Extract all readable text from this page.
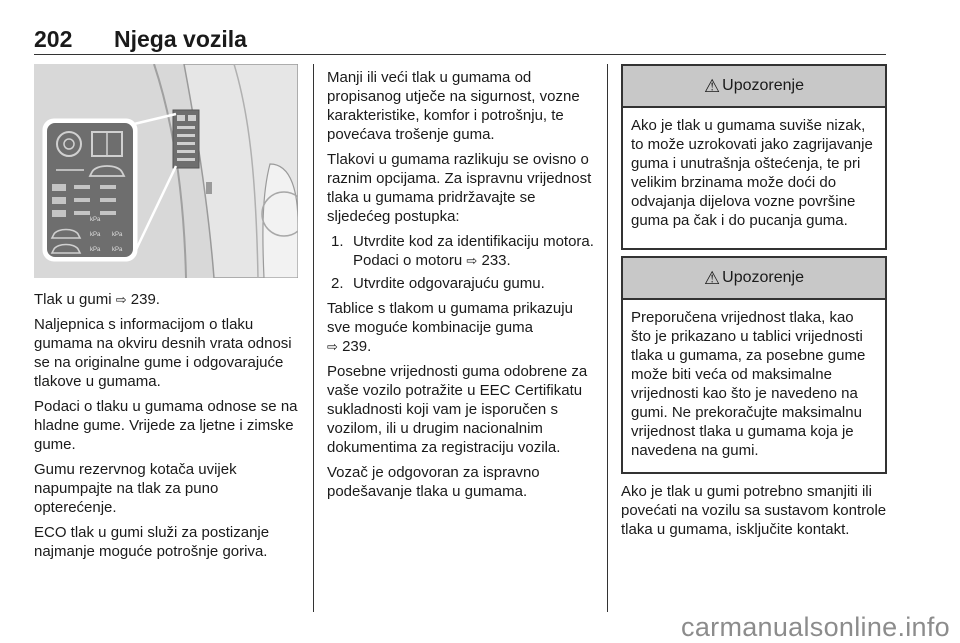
202 Njega vozila
kPa kPa
kPa kPa
kPa

Tlak u gumi ⇨ 239.

Naljepnica s informacijom o tlaku gumama na okviru desnih vrata odnosi se na originalne gume i odgovarajuće tlakove u gumama.

Podaci o tlaku u gumama odnose se na hladne gume. Vrijede za ljetne i zimske gume.

Gumu rezervnog kotača uvijek napumpajte na tlak za puno opterećenje.

ECO tlak u gumi služi za postizanje najmanje moguće potrošnje goriva.

Manji ili veći tlak u gumama od propisanog utječe na sigurnost, vozne karakteristike, komfor i potrošnju, te povećava trošenje guma.

Tlakovi u gumama razlikuju se ovisno o raznim opcijama. Za ispravnu vrijednost tlaka u gumama pridržavajte se sljedećeg postupka:

1. Utvrdite kod za identifikaciju motora. Podaci o motoru ⇨ 233.
2. Utvrdite odgovarajuću gumu.

Tablice s tlakom u gumama prikazuju sve moguće kombinacije guma
⇨ 239.

Posebne vrijednosti guma odobrene za vaše vozilo potražite u EEC Certifikatu sukladnosti koji vam je isporučen s vozilom, ili u drugim nacionalnim dokumentima za registraciju vozila.

Vozač je odgovoran za ispravno podešavanje tlaka u gumama.

⚠ Upozorenje
Ako je tlak u gumama suviše nizak, to može uzrokovati jako zagrijavanje guma i unutrašnja oštećenja, te pri velikim brzinama može doći do odvajanja dijelova vozne površine guma pa čak i do pucanja guma.
⚠ Upozorenje
Preporučena vrijednost tlaka, kao što je prikazano u tablici vrijednosti tlaka u gumama, za posebne gume može biti veća od maksimalne vrijednosti kao što je navedeno na gumi. Ne prekoračujte maksimalnu vrijednost tlaka u gumama koja je navedena na gumi.

Ako je tlak u gumi potrebno smanjiti ili povećati na vozilu sa sustavom kontrole tlaka u gumama, isključite kontakt.

carmanualsonline.info
